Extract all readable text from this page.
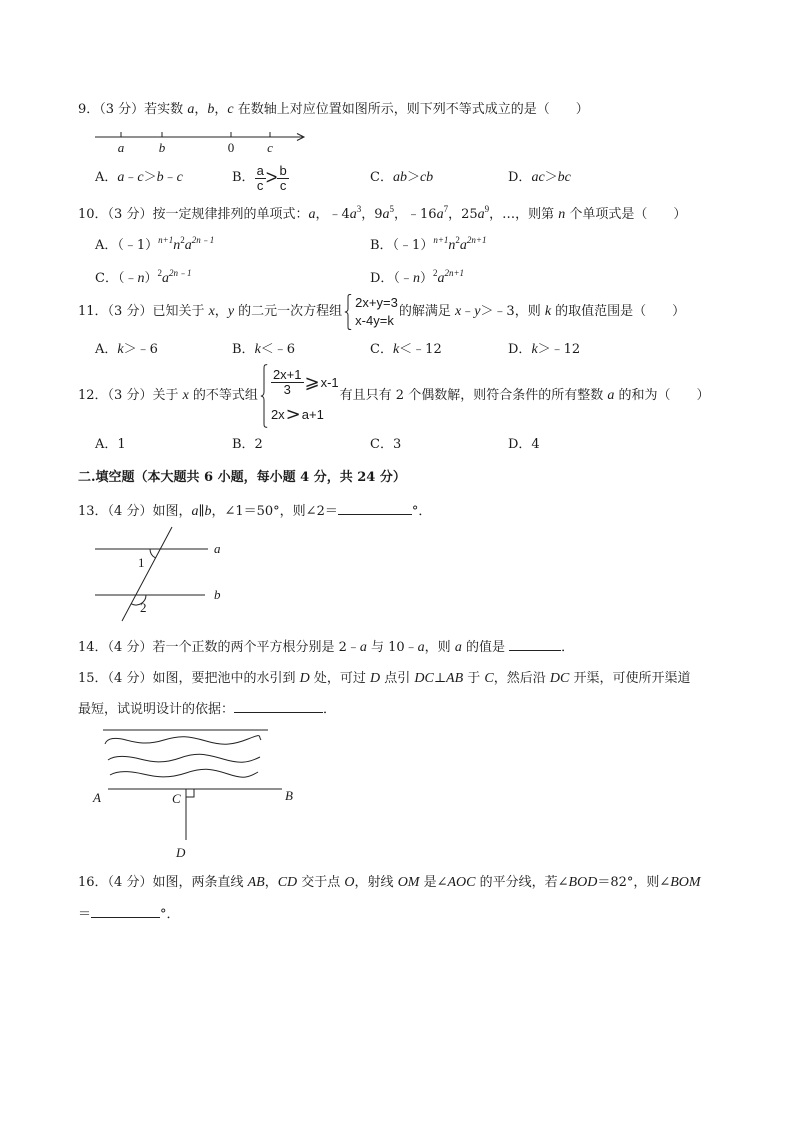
9．（3 分）若实数 a ， b ， c 在数轴上对应位置如图所示，则下列不等式成立的是（　　）
a	b	0	c
A． a ﹣ c ＞ b ﹣ c	B． $\frac{a}{c} > \frac{b}{c}$	C． ab ＞ cb	D． ac ＞ bc
10．（3 分）按一定规律排列的单项式： a ，﹣4 a 3 ，9 a 5 ，﹣16 a 7 ，25 a 9 ，…，则第 n 个单项式是（　　）
A．（﹣1） n+1 n 2 a 2n﹣1	B．（﹣1） n+1 n 2 a 2n+1
C．（﹣ n ） 2 a 2n﹣1	D．（﹣ n ） 2 a 2n+1
11．（3 分）已知关于 x ， y 的二元一次方程组
2x+y=3
x-4y=k
的解满足 x ﹣ y ＞﹣3，则 k 的取值范围是（　　）
A． k ＞﹣6	B． k ＜﹣6	C． k ＜﹣12	D． k ＞﹣12
12．（3 分）关于 x 的不等式组 $\frac{2x+1}{3}$ ⩾ x-1
2x > a+1
有且只有 2 个偶数解，则符合条件的所有整数 a 的和为（　　）
A．1	B．2	C．3	D．4
二.填空题（本大题共 6 小题，每小题 4 分，共 24 分）
13．（4 分）如图， a ∥ b ，∠1＝50°，则∠2＝	°．
a
b
1
2
14．（4 分）若一个正数的两个平方根分别是 2﹣ a 与 10﹣ a ，则 a 的值是	．
15．（4 分）如图，要把池中的水引到 D 处，可过 D 点引 DC ⊥ AB 于 C ，然后沿 DC 开渠，可使所开渠道
最短，试说明设计的依据：	．
A	C	B
D
16．（4 分）如图，两条直线 AB ， CD 交于点 O ，射线 OM 是∠ AOC 的平分线，若∠ BOD ＝82°，则∠ BOM
＝	°．
